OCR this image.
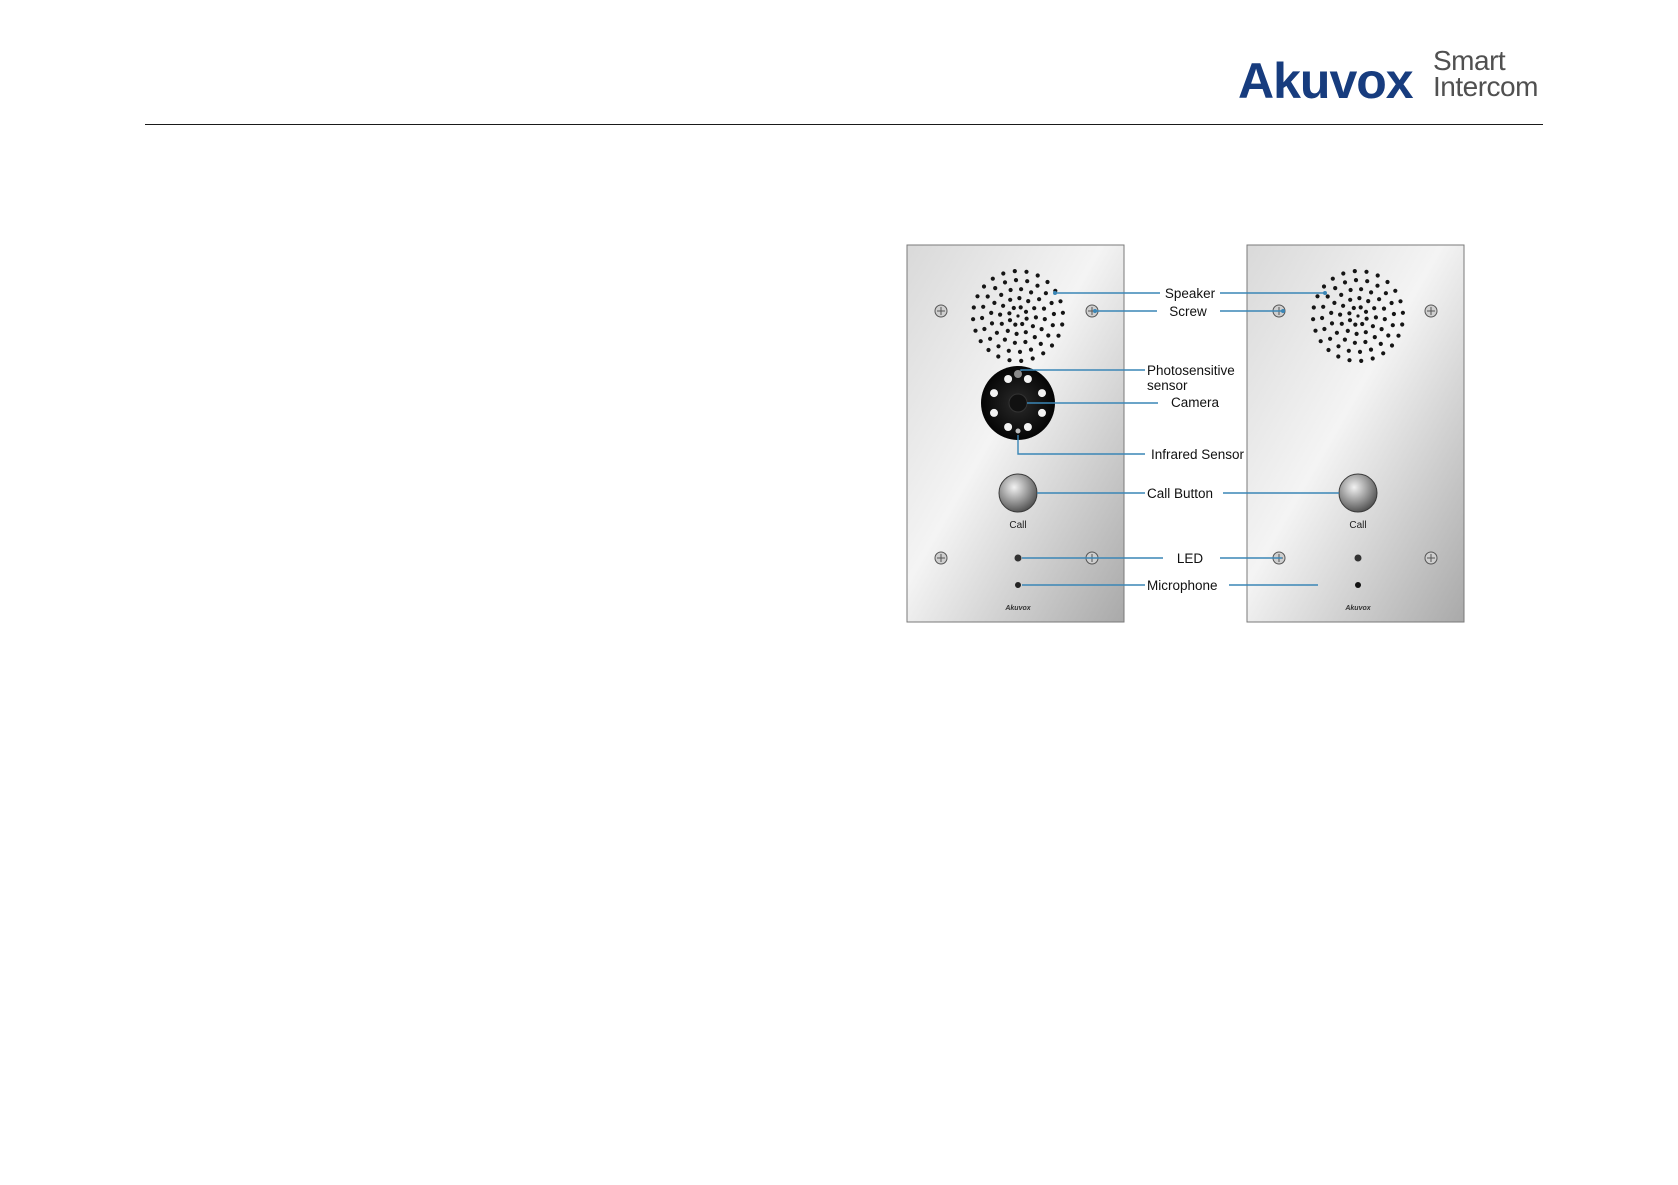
Akuvox Smart
Intercom
Call
Akuvox
Call
Akuvox
Speaker
Screw
Photosensitive
sensor
Camera
Infrared Sensor
Call Button
LED
Microphone
